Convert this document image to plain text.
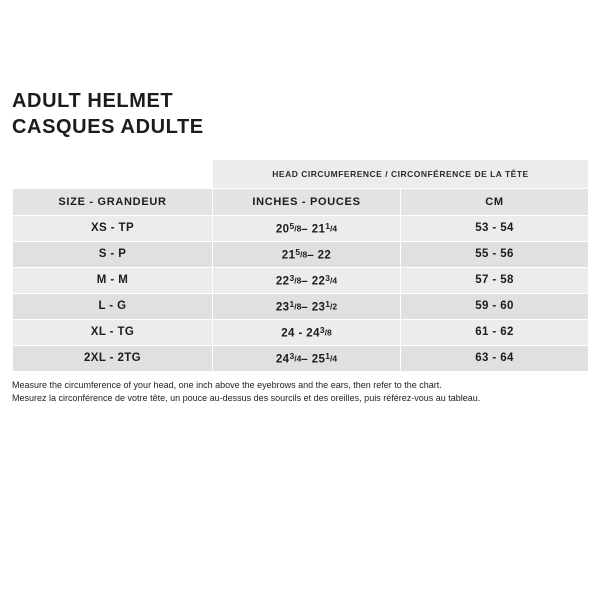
ADULT HELMET
CASQUES ADULTE
	HEAD CIRCUMFERENCE / CIRCONFÉRENCE DE LA TÊTE	
SIZE - GRANDEUR	INCHES - POUCES	CM
XS - TP	$20^5/8-$ $21^1/4$	53 - 54
S - P	$21^5/8-$ 22	55 - 56
M - M	$22^3/8-$ $22^3/4$	57 - 58
L - G	$23^1/8-$ $23^1/2$	59 - 60
XL - TG	$24 - 24^3/8$	61 - 62
2XL - 2TG	$24^3/4-$ $25^1/4$	63 - 64
Measure the circumference of your head, one inch above the eyebrows and the ears, then refer to the chart.
Mesurez la circonférence de votre tête, un pouce au-dessus des sourcils et des oreilles, puis référez-vous au tableau.
